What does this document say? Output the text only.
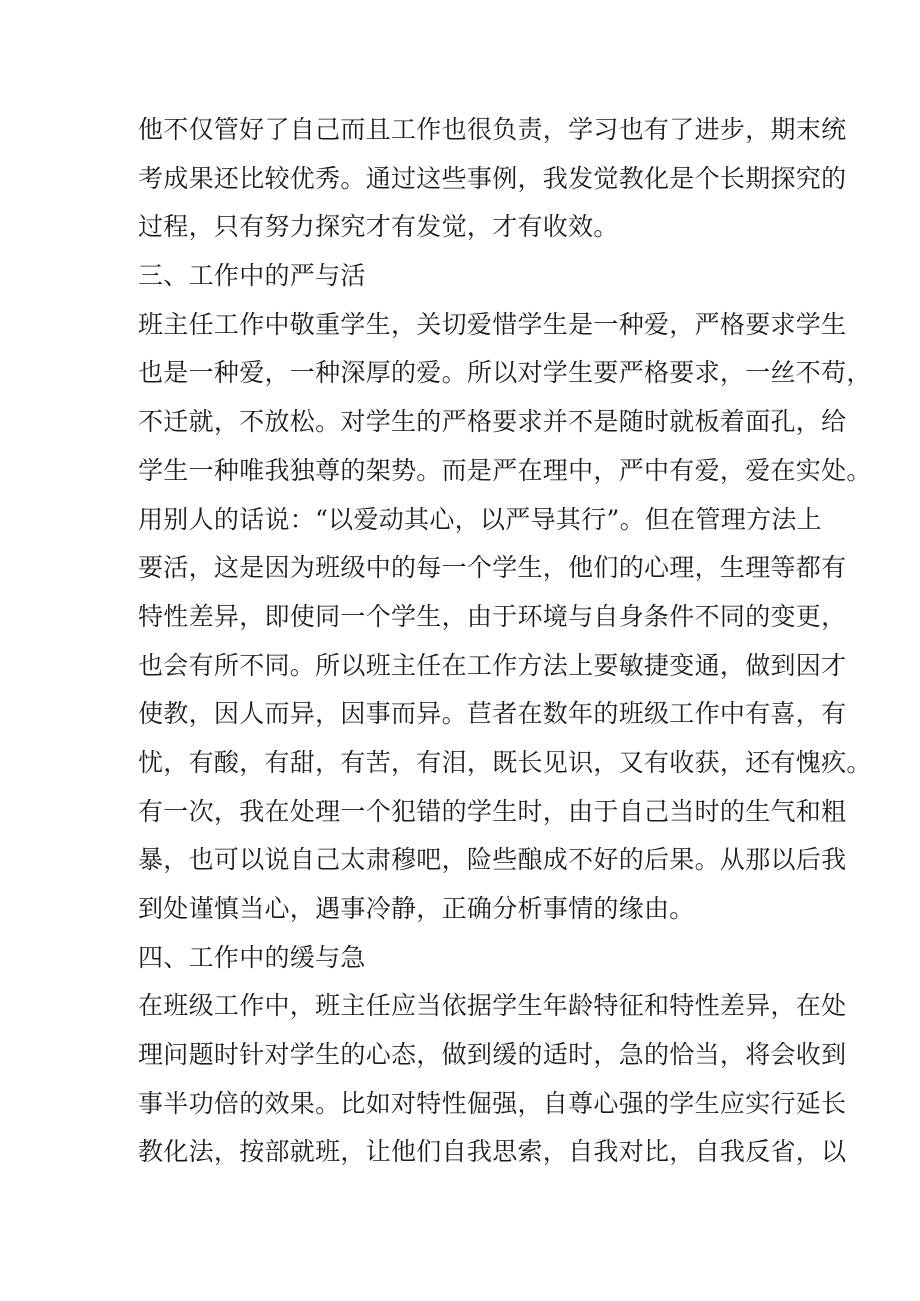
他不仅管好了自己而且工作也很负责，学习也有了进步，期末统
考成果还比较优秀。通过这些事例，我发觉教化是个长期探究的
过程，只有努力探究才有发觉，才有收效。
三、工作中的严与活
班主任工作中敬重学生，关切爱惜学生是一种爱，严格要求学生
也是一种爱，一种深厚的爱。所以对学生要严格要求，一丝不苟，
不迁就，不放松。对学生的严格要求并不是随时就板着面孔，给
学生一种唯我独尊的架势。而是严在理中，严中有爱，爱在实处。
用别人的话说：“以爱动其心，以严导其行”。但在管理方法上
要活，这是因为班级中的每一个学生，他们的心理，生理等都有
特性差异，即使同一个学生，由于环境与自身条件不同的变更，
也会有所不同。所以班主任在工作方法上要敏捷变通，做到因才
使教，因人而异，因事而异。苣者在数年的班级工作中有喜，有
忧，有酸，有甜，有苦，有泪，既长见识，又有收获，还有愧疚。
有一次，我在处理一个犯错的学生时，由于自己当时的生气和粗
暴，也可以说自己太肃穆吧，险些酿成不好的后果。从那以后我
到处谨慎当心，遇事冷静，正确分析事情的缘由。
四、工作中的缓与急
在班级工作中，班主任应当依据学生年龄特征和特性差异，在处
理问题时针对学生的心态，做到缓的适时，急的恰当，将会收到
事半功倍的效果。比如对特性倔强，自尊心强的学生应实行延长
教化法，按部就班，让他们自我思索，自我对比，自我反省，以
